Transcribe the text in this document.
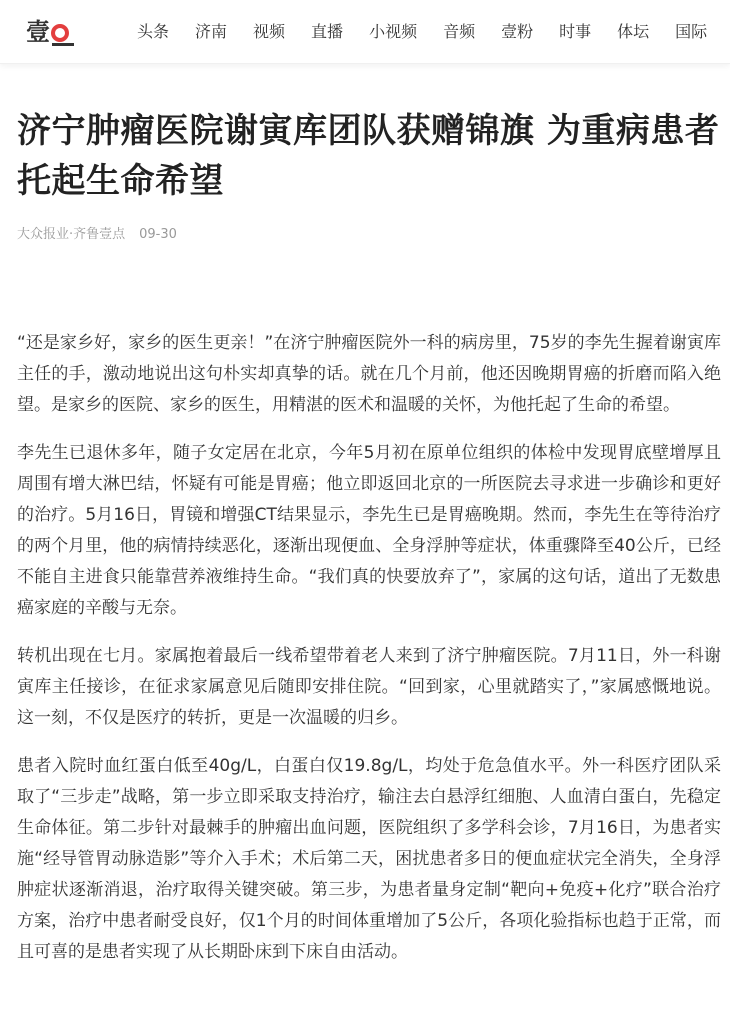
壹	头条 济南 视频 直播 小视频 音频 壹粉 时事 体坛 国际
济宁肿瘤医院谢寅库团队获赠锦旗 为重病患者托起生命希望
大众报业·齐鲁壹点 09-30

“还是家乡好，家乡的医生更亲！”在济宁肿瘤医院外一科的病房里，75岁的李先生握着谢寅库主任的手，激动地说出这句朴实却真挚的话。就在几个月前，他还因晚期胃癌的折磨而陷入绝望。是家乡的医院、家乡的医生，用精湛的医术和温暖的关怀，为他托起了生命的希望。

李先生已退休多年，随子女定居在北京，今年5月初在原单位组织的体检中发现胃底壁增厚且周围有增大淋巴结，怀疑有可能是胃癌；他立即返回北京的一所医院去寻求进一步确诊和更好的治疗。5月16日，胃镜和增强CT结果显示，李先生已是胃癌晚期。然而，李先生在等待治疗的两个月里，他的病情持续恶化，逐渐出现便血、全身浮肿等症状，体重骤降至40公斤，已经不能自主进食只能靠营养液维持生命。“我们真的快要放弃了”，家属的这句话，道出了无数患癌家庭的辛酸与无奈。

转机出现在七月。家属抱着最后一线希望带着老人来到了济宁肿瘤医院。7月11日，外一科谢寅库主任接诊，在征求家属意见后随即安排住院。“回到家，心里就踏实了，”家属感慨地说。这一刻，不仅是医疗的转折，更是一次温暖的归乡。

患者入院时血红蛋白低至40g/L，白蛋白仅19.8g/L，均处于危急值水平。外一科医疗团队采取了“三步走”战略，第一步立即采取支持治疗，输注去白悬浮红细胞、人血清白蛋白，先稳定生命体征。第二步针对最棘手的肿瘤出血问题，医院组织了多学科会诊，7月16日，为患者实施“经导管胃动脉造影”等介入手术；术后第二天，困扰患者多日的便血症状完全消失，全身浮肿症状逐渐消退，治疗取得关键突破。第三步，为患者量身定制“靶向+免疫+化疗”联合治疗方案，治疗中患者耐受良好，仅1个月的时间体重增加了5公斤，各项化验指标也趋于正常，而且可喜的是患者实现了从长期卧床到下床自由活动。
